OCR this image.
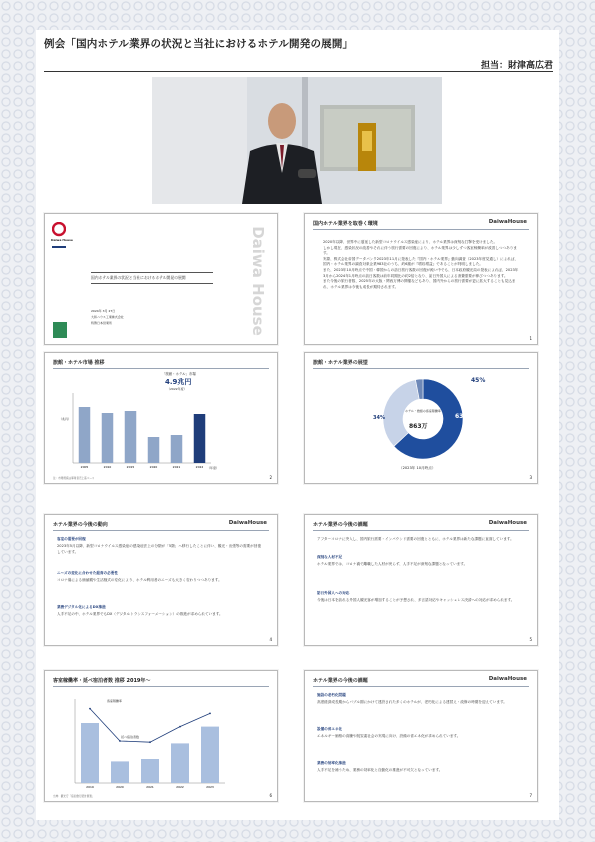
例会「国内ホテル業界の状況と当社におけるホテル開発の展開」
担当：財津高広君
Daiwa House
国内ホテル業界の状況と当社におけるホテル開発の展開
2024年 3月 27日
大和ハウス工業株式会社
特殊日本営業所	Daiwa House
国内ホテル業界を取巻く環境	DaiwaHouse
2020年以降、世界中に蔓延した新型コロナウイルス感染症により、ホテル業界は深刻な打撃を受けました。
しかし現在、感染状況の改善やそれに伴う旅行需要の回復により、ホテル業界は少しずつ客室稼働率が改善しつつあります。
実際、株式会社帝国データバンク2023年11月に発表した『国内・ホテル業界』動向調査（2023年度見通し）によれば、国内・ホテル業界の調査対象企業983社のうち、約6割が『增収增益』であることが判明しました。
また、2023年10月時点で中国・韓国からの訪日旅行客数の回復が鈍い中でも、日本政府観光局の発表によれば、2023年3月から2024年1月時点の訪日客数は前年同期比の約2倍となり、訪日外国人による消費需要が伸びつつあります。
また今後の旅行者数、2025年の大阪・関西万博の開催などもあり、国内外からの旅行需要が更に拡大することも見込まれ、ホテル業界は今後も成長が期待されます。
1
旅館・ホテル市場 推移
2005	2010	2015	2020	2021	2022
「旅館・ホテル」市場
4.9兆円
（2022年度）
（兆円）
（年度）
注：市場規模は事業者売上高ベース	2
旅館・ホテル業界の展望
ホテル・旅館の客室稼働率
863万
63%
34%
45%
（2023年 10月時点）
3
ホテル業界の今後の動向	DaiwaHouse
客室の需要が回復
2023年5月以降、新型コロナウイルス感染症の感染症法上の分類が「5類」へ移行したことに伴い、観光・出張等の需要が回復しています。
ニーズの変化に合わせた経営の必要性
コロナ禍による価値観や生活様式の変化により、ホテル利用者のニーズも大きく変わりつつあります。
業務デジタル化によるDX推進
人手不足の中、ホテル業界でもDX（デジタルトランスフォーメーション）の推進が求められています。
4
ホテル業界の今後の課題	DaiwaHouse
アフターコロナに突入し、国内旅行需要・インバウンド需要の回復とともに、ホテル業界は新たな課題に直面しています。
深刻な人材不足
ホテル業界では、コロナ禍で離職した人材が戻らず、人手不足が深刻な課題となっています。
訪日外国人への対応
今後は日本を訪れる外国人観光客が増加することが予想され、多言語対応やキャッシュレス決済への対応が求められます。
5
客室稼働率・延べ宿泊者数 推移 2019年～
2019	2020	2021	2022	2023
客室稼働率
延べ宿泊者数
出典：観光庁「宿泊旅行統計調査」	6
ホテル業界の今後の課題	DaiwaHouse
施設の老朽化問題
高度経済成長期からバブル期にかけて建設された多くのホテルが、老朽化による建替え・改修の時期を迎えています。
設備の省エネ化
エネルギー価格の高騰や脱炭素社会の実現に向け、設備の省エネ化が求められています。
業務の効率化推進
人手不足を補うため、業務の効率化と自動化の推進が不可欠となっています。
7
